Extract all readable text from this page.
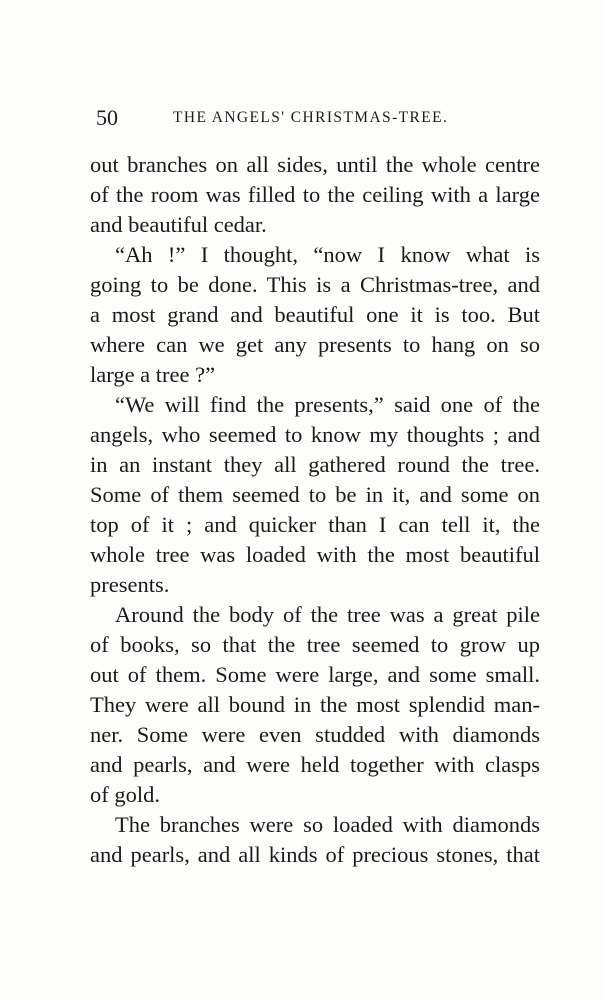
50	THE ANGELS' CHRISTMAS-TREE.
out branches on all sides, until the whole centre
of the room was filled to the ceiling with a large
and beautiful cedar.
“Ah !” I thought, “now I know what is
going to be done. This is a Christmas-tree, and
a most grand and beautiful one it is too. But
where can we get any presents to hang on so
large a tree ?”
“We will find the presents,” said one of the
angels, who seemed to know my thoughts ; and
in an instant they all gathered round the tree.
Some of them seemed to be in it, and some on
top of it ; and quicker than I can tell it, the
whole tree was loaded with the most beautiful
presents.
Around the body of the tree was a great pile
of books, so that the tree seemed to grow up
out of them. Some were large, and some small.
They were all bound in the most splendid man-
ner. Some were even studded with diamonds
and pearls, and were held together with clasps
of gold.
The branches were so loaded with diamonds
and pearls, and all kinds of precious stones, that
